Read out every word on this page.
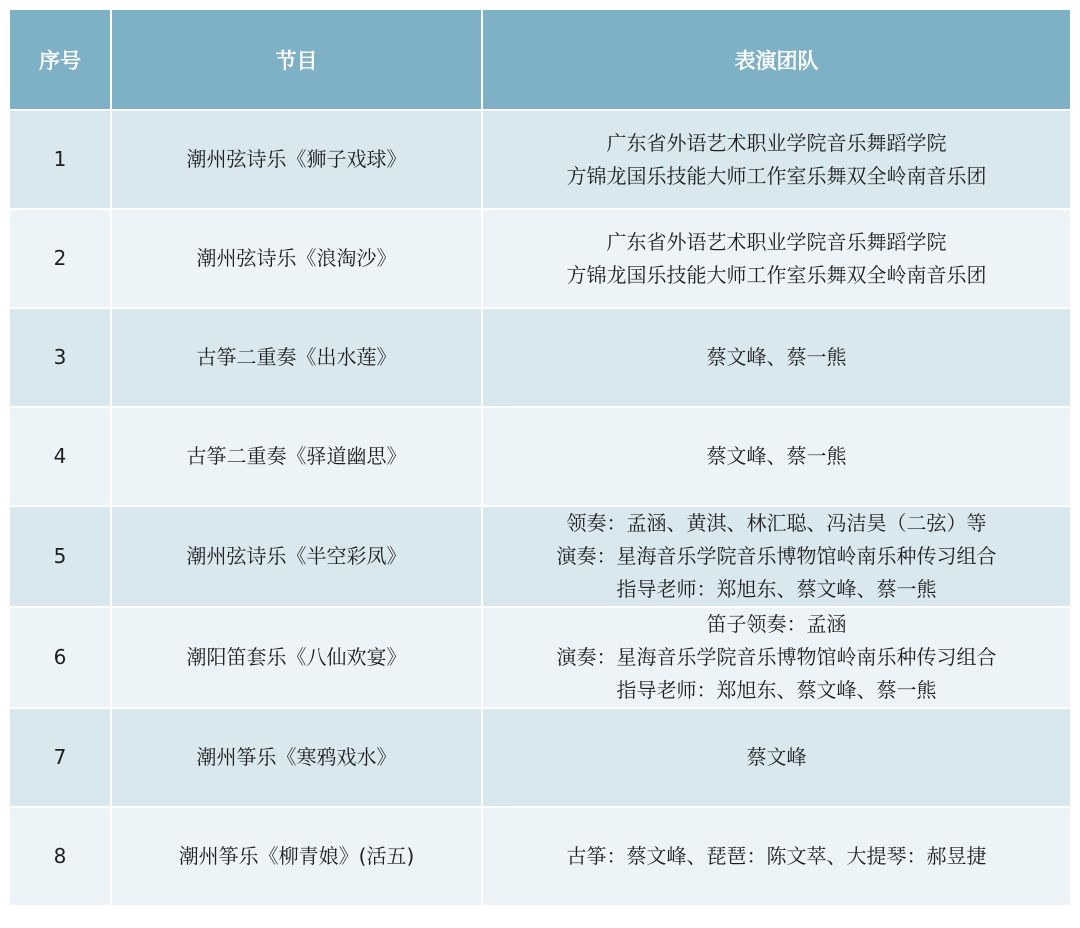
序号	节目	表演团队
1	潮州弦诗乐《狮子戏球》	广东省外语艺术职业学院音乐舞蹈学院
方锦龙国乐技能大师工作室乐舞双全岭南音乐团

2	潮州弦诗乐《浪淘沙》	广东省外语艺术职业学院音乐舞蹈学院
方锦龙国乐技能大师工作室乐舞双全岭南音乐团

3	古筝二重奏《出水莲》	蔡文峰、蔡一熊

4	古筝二重奏《驿道幽思》	蔡文峰、蔡一熊

5	潮州弦诗乐《半空彩凤》	领奏：孟涵、黄淇、林汇聪、冯洁昊（二弦）等
演奏：星海音乐学院音乐博物馆岭南乐种传习组合
指导老师：郑旭东、蔡文峰、蔡一熊

6	潮阳笛套乐《八仙欢宴》	笛子领奏：孟涵
演奏：星海音乐学院音乐博物馆岭南乐种传习组合
指导老师：郑旭东、蔡文峰、蔡一熊

7	潮州筝乐《寒鸦戏水》	蔡文峰

8	潮州筝乐《柳青娘》(活五)	古筝：蔡文峰、琵琶：陈文萃、大提琴：郝昱捷
